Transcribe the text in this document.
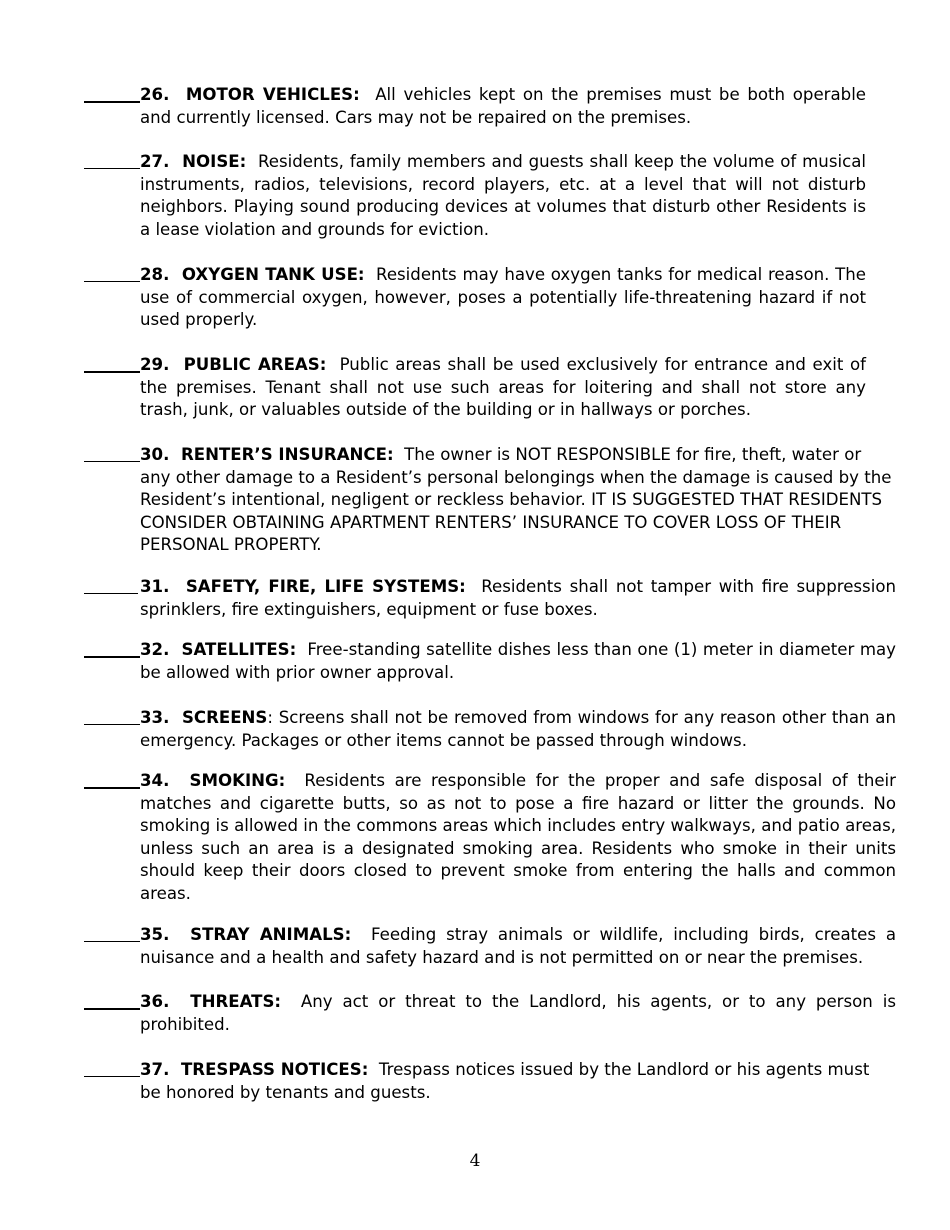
26. MOTOR VEHICLES: All vehicles kept on the premises must be both operable and currently licensed. Cars may not be repaired on the premises.
27. NOISE: Residents, family members and guests shall keep the volume of musical instruments, radios, televisions, record players, etc. at a level that will not disturb neighbors. Playing sound producing devices at volumes that disturb other Residents is a lease violation and grounds for eviction.
28. OXYGEN TANK USE: Residents may have oxygen tanks for medical reason. The use of commercial oxygen, however, poses a potentially life-threatening hazard if not used properly.
29. PUBLIC AREAS: Public areas shall be used exclusively for entrance and exit of the premises. Tenant shall not use such areas for loitering and shall not store any trash, junk, or valuables outside of the building or in hallways or porches.
30. RENTER’S INSURANCE: The owner is NOT RESPONSIBLE for fire, theft, water or any other damage to a Resident’s personal belongings when the damage is caused by the Resident’s intentional, negligent or reckless behavior. IT IS SUGGESTED THAT RESIDENTS CONSIDER OBTAINING APARTMENT RENTERS’ INSURANCE TO COVER LOSS OF THEIR PERSONAL PROPERTY.
31. SAFETY, FIRE, LIFE SYSTEMS: Residents shall not tamper with fire suppression sprinklers, fire extinguishers, equipment or fuse boxes.
32. SATELLITES: Free-standing satellite dishes less than one (1) meter in diameter may be allowed with prior owner approval.
33. SCREENS: Screens shall not be removed from windows for any reason other than an emergency. Packages or other items cannot be passed through windows.
34. SMOKING: Residents are responsible for the proper and safe disposal of their matches and cigarette butts, so as not to pose a fire hazard or litter the grounds. No smoking is allowed in the commons areas which includes entry walkways, and patio areas, unless such an area is a designated smoking area. Residents who smoke in their units should keep their doors closed to prevent smoke from entering the halls and common areas.
35. STRAY ANIMALS: Feeding stray animals or wildlife, including birds, creates a nuisance and a health and safety hazard and is not permitted on or near the premises.
36. THREATS: Any act or threat to the Landlord, his agents, or to any person is prohibited.
37. TRESPASS NOTICES: Trespass notices issued by the Landlord or his agents must be honored by tenants and guests.
4
